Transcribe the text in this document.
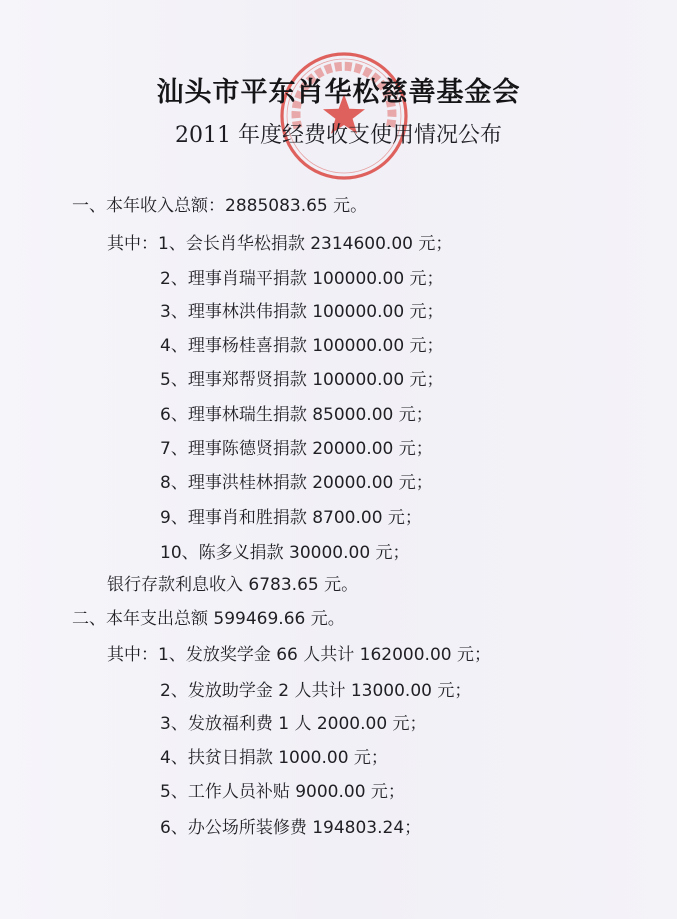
汕头市平东肖华松慈善基金会
2011 年度经费收支使用情况公布
一、本年收入总额：2885083.65 元。
其中：1、会长肖华松捐款 2314600.00 元；
2、理事肖瑞平捐款 100000.00 元；
3、理事林洪伟捐款 100000.00 元；
4、理事杨桂喜捐款 100000.00 元；
5、理事郑帮贤捐款 100000.00 元；
6、理事林瑞生捐款 85000.00 元；
7、理事陈德贤捐款 20000.00 元；
8、理事洪桂林捐款 20000.00 元；
9、理事肖和胜捐款 8700.00 元；
10、陈多义捐款 30000.00 元；
银行存款利息收入 6783.65 元。
二、本年支出总额 599469.66 元。
其中：1、发放奖学金 66 人共计 162000.00 元；
2、发放助学金 2 人共计 13000.00 元；
3、发放福利费 1 人 2000.00 元；
4、扶贫日捐款 1000.00 元；
5、工作人员补贴 9000.00 元；
6、办公场所装修费 194803.24；
